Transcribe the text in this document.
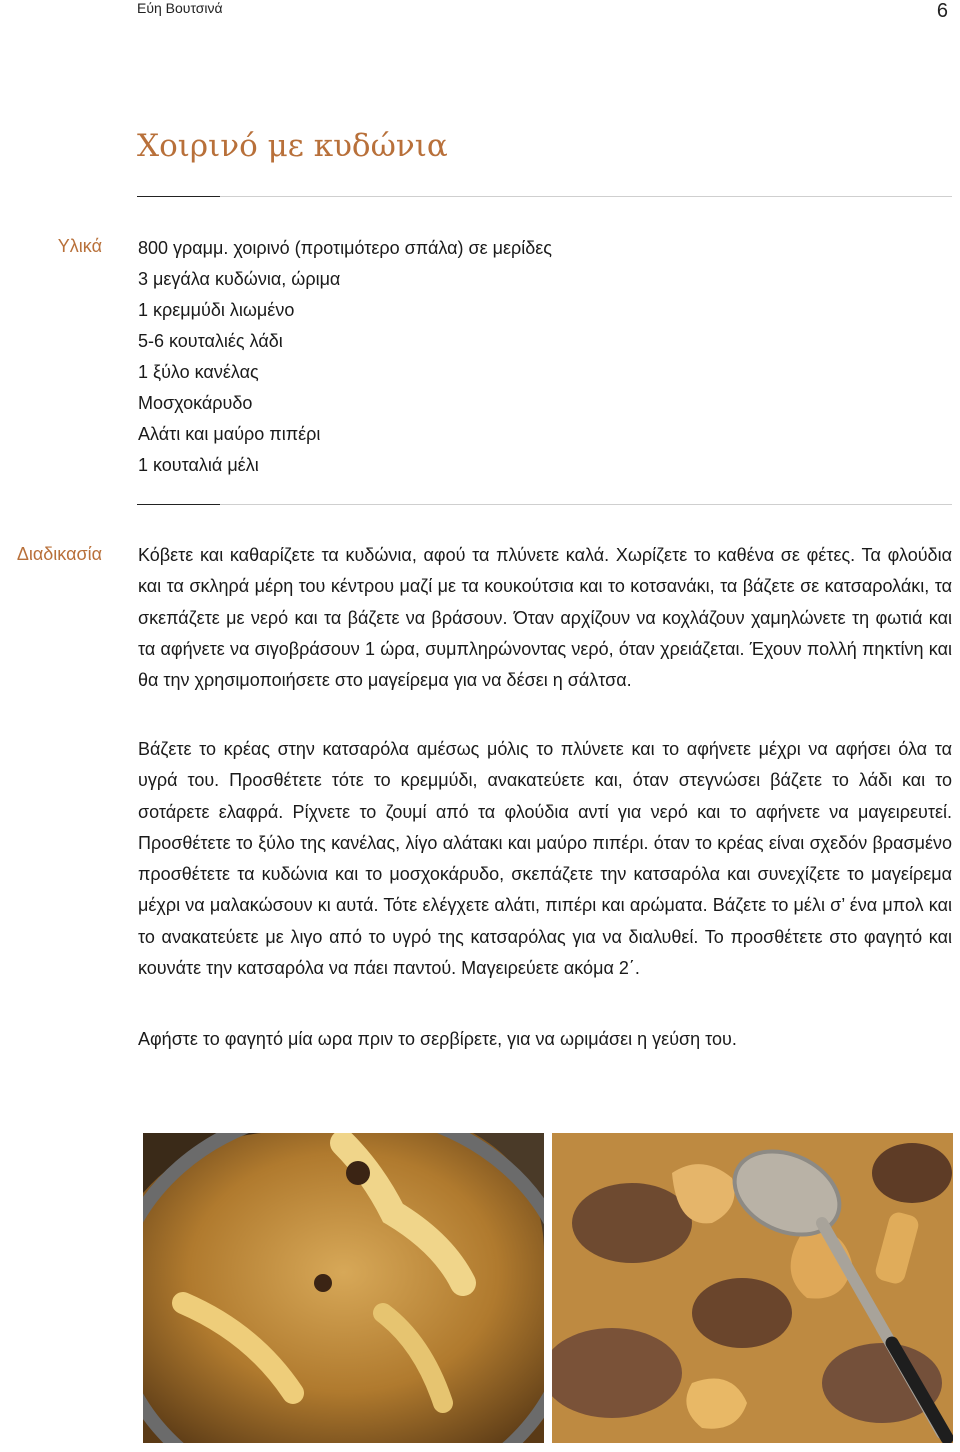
Εύη Βουτσινά	6
Χοιρινό με κυδώνια
Υλικά 800 γραμμ. χοιρινό (προτιμότερο σπάλα) σε μερίδες
3 μεγάλα κυδώνια, ώριμα
1 κρεμμύδι λιωμένο
5-6 κουταλιές λάδι
1 ξύλο κανέλας
Μοσχοκάρυδο
Αλάτι και μαύρο πιπέρι
1 κουταλιά μέλι
Διαδικασία Κόβετε και καθαρίζετε τα κυδώνια, αφού τα πλύνετε καλά. Χωρίζετε το καθένα σε φέτες. Τα φλούδια και τα σκληρά μέρη του κέντρου μαζί με τα κουκούτσια και το κοτσανάκι, τα βάζετε σε κατσαρολάκι, τα σκεπάζετε με νερό και τα βάζετε να βράσουν. Όταν αρχίζουν να κοχλάζουν χαμηλώνετε τη φωτιά και τα αφήνετε να σιγοβράσουν 1 ώρα, συμπληρώνοντας νερό, όταν χρειάζεται. Έχουν πολλή πηκτίνη και θα την χρησιμοποιήσετε στο μαγείρεμα για να δέσει η σάλτσα.

Βάζετε το κρέας στην κατσαρόλα αμέσως μόλις το πλύνετε και το αφήνετε μέχρι να αφήσει όλα τα υγρά του. Προσθέτετε τότε το κρεμμύδι, ανακατεύετε και, όταν στεγνώσει βάζετε το λάδι και το σοτάρετε ελαφρά. Ρίχνετε το ζουμί από τα φλούδια αντί για νερό και το αφήνετε να μαγειρευτεί. Προσθέτετε το ξύλο της κανέλας, λίγο αλάτακι και μαύρο πιπέρι. όταν το κρέας είναι σχεδόν βρασμένο προσθέτετε τα κυδώνια και το μοσχοκάρυδο, σκεπάζετε την κατσαρόλα και συνεχίζετε το μαγείρεμα μέχρι να μαλακώσουν κι αυτά. Τότε ελέγχετε αλάτι, πιπέρι και αρώματα. Βάζετε το μέλι σ’ ένα μπολ και το ανακατεύετε με λιγο από το υγρό της κατσαρόλας για να διαλυθεί. Το προσθέτετε στο φαγητό και κουνάτε την κατσαρόλα να πάει παντού. Μαγειρεύετε ακόμα 2΄.

Αφήστε το φαγητό μία ωρα πριν το σερβίρετε, για να ωριμάσει η γεύση του.
